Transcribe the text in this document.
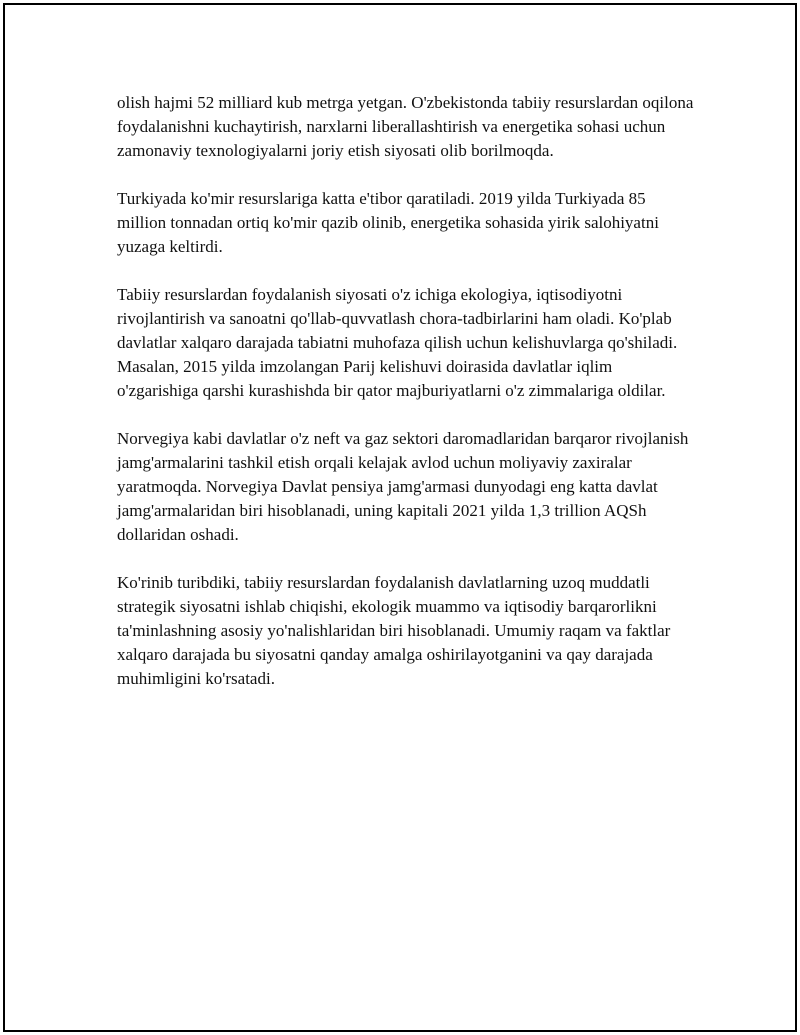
olish hajmi 52 milliard kub metrga yetgan. O'zbekistonda tabiiy resurslardan oqilona foydalanishni kuchaytirish, narxlarni liberallashtirish va energetika sohasi uchun zamonaviy texnologiyalarni joriy etish siyosati olib borilmoqda.

Turkiyada ko'mir resurslariga katta e'tibor qaratiladi. 2019 yilda Turkiyada 85 million tonnadan ortiq ko'mir qazib olinib, energetika sohasida yirik salohiyatni yuzaga keltirdi.

Tabiiy resurslardan foydalanish siyosati o'z ichiga ekologiya, iqtisodiyotni rivojlantirish va sanoatni qo'llab-quvvatlash chora-tadbirlarini ham oladi. Ko'plab davlatlar xalqaro darajada tabiatni muhofaza qilish uchun kelishuvlarga qo'shiladi. Masalan, 2015 yilda imzolangan Parij kelishuvi doirasida davlatlar iqlim o'zgarishiga qarshi kurashishda bir qator majburiyatlarni o'z zimmalariga oldilar.

Norvegiya kabi davlatlar o'z neft va gaz sektori daromadlaridan barqaror rivojlanish jamg'armalarini tashkil etish orqali kelajak avlod uchun moliyaviy zaxiralar yaratmoqda. Norvegiya Davlat pensiya jamg'armasi dunyodagi eng katta davlat jamg'armalaridan biri hisoblanadi, uning kapitali 2021 yilda 1,3 trillion AQSh dollaridan oshadi.

Ko'rinib turibdiki, tabiiy resurslardan foydalanish davlatlarning uzoq muddatli strategik siyosatni ishlab chiqishi, ekologik muammo va iqtisodiy barqarorlikni ta'minlashning asosiy yo'nalishlaridan biri hisoblanadi. Umumiy raqam va faktlar xalqaro darajada bu siyosatni qanday amalga oshirilayotganini va qay darajada muhimligini ko'rsatadi.
